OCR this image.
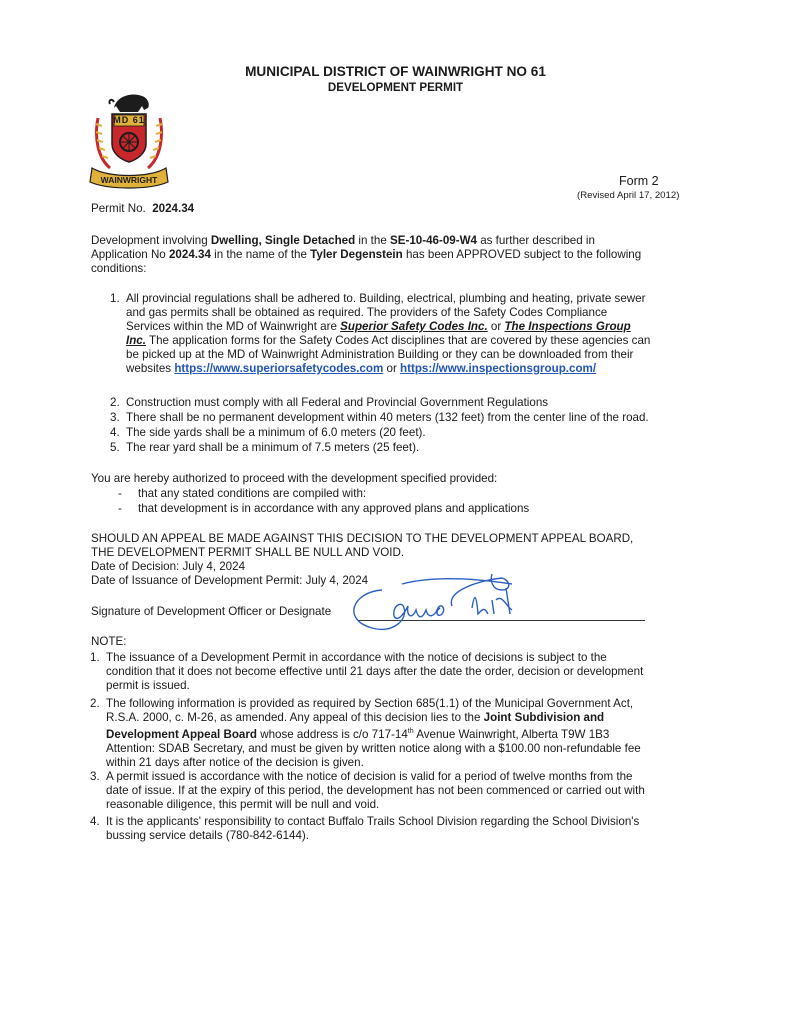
MUNICIPAL DISTRICT OF WAINWRIGHT NO 61
DEVELOPMENT PERMIT
MD 61
WAINWRIGHT	Form 2
(Revised April 17, 2012)
Permit No. 2024.34
Development involving Dwelling, Single Detached in the SE-10-46-09-W4 as further described in
Application No 2024.34 in the name of the Tyler Degenstein has been APPROVED subject to the following
conditions:
1. All provincial regulations shall be adhered to. Building, electrical, plumbing and heating, private sewer
and gas permits shall be obtained as required. The providers of the Safety Codes Compliance
Services within the MD of Wainwright are Superior Safety Codes Inc. or The Inspections Group
Inc. The application forms for the Safety Codes Act disciplines that are covered by these agencies can
be picked up at the MD of Wainwright Administration Building or they can be downloaded from their
websites https://www.superiorsafetycodes.com or https://www.inspectionsgroup.com/
2. Construction must comply with all Federal and Provincial Government Regulations
3. There shall be no permanent development within 40 meters (132 feet) from the center line of the road.
4. The side yards shall be a minimum of 6.0 meters (20 feet).
5. The rear yard shall be a minimum of 7.5 meters (25 feet).
You are hereby authorized to proceed with the development specified provided:
- that any stated conditions are compiled with:
- that development is in accordance with any approved plans and applications
SHOULD AN APPEAL BE MADE AGAINST THIS DECISION TO THE DEVELOPMENT APPEAL BOARD,
THE DEVELOPMENT PERMIT SHALL BE NULL AND VOID.
Date of Decision: July 4, 2024
Date of Issuance of Development Permit: July 4, 2024
Signature of Development Officer or Designate
NOTE:
1. The issuance of a Development Permit in accordance with the notice of decisions is subject to the
condition that it does not become effective until 21 days after the date the order, decision or development
permit is issued.
2. The following information is provided as required by Section 685(1.1) of the Municipal Government Act,
R.S.A. 2000, c. M-26, as amended. Any appeal of this decision lies to the Joint Subdivision and
Development Appeal Board whose address is c/o 717-14th Avenue Wainwright, Alberta T9W 1B3
Attention: SDAB Secretary, and must be given by written notice along with a $100.00 non-refundable fee
within 21 days after notice of the decision is given.
3. A permit issued is accordance with the notice of decision is valid for a period of twelve months from the
date of issue. If at the expiry of this period, the development has not been commenced or carried out with
reasonable diligence, this permit will be null and void.
4. It is the applicants' responsibility to contact Buffalo Trails School Division regarding the School Division's
bussing service details (780-842-6144).
